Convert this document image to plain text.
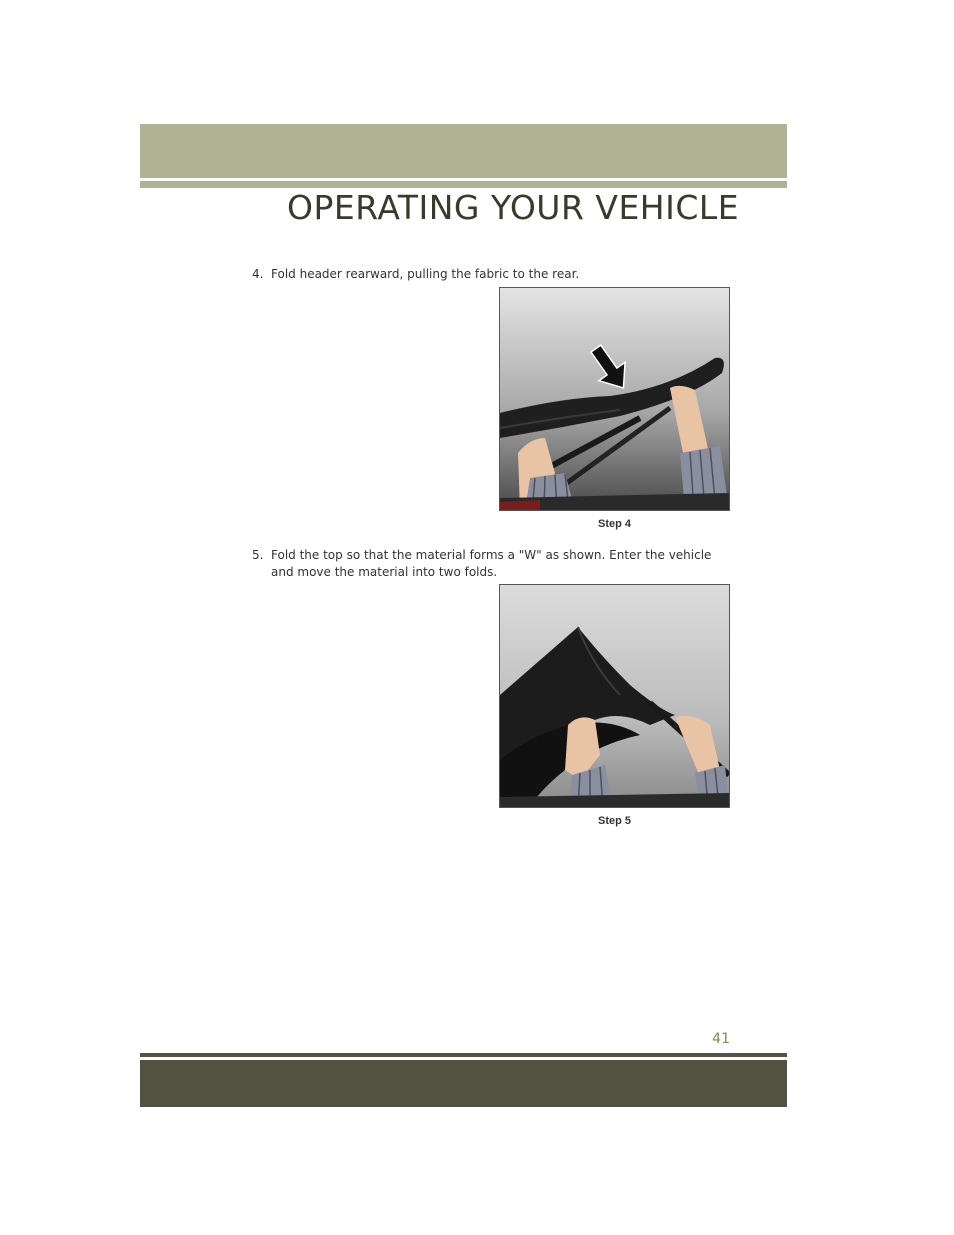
OPERATING YOUR VEHICLE
4. Fold header rearward, pulling the fabric to the rear.
Step 4
5. Fold the top so that the material forms a "W" as shown. Enter the vehicle and move the material into two folds.
Step 5
41
